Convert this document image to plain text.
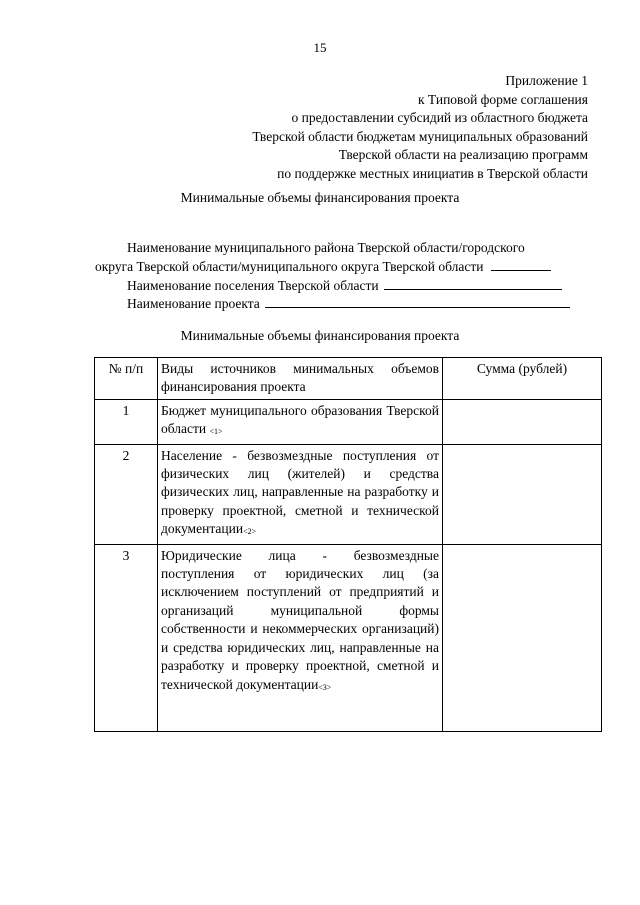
15
Приложение 1
к Типовой форме соглашения
о предоставлении субсидий из областного бюджета
Тверской области бюджетам муниципальных образований
Тверской области на реализацию программ
по поддержке местных инициатив в Тверской области
Минимальные объемы финансирования проекта
Наименование муниципального района Тверской области/городского
округа Тверской области/муниципального округа Тверской области
Наименование поселения Тверской области
Наименование проекта
Минимальные объемы финансирования проекта
№ п/п	Виды источников минимальных объемов финансирования проекта	Сумма (рублей)
1	Бюджет муниципального образования Тверской области <1>	
2	Население - безвозмездные поступления от физических лиц (жителей) и средства физических лиц, направленные на разработку и проверку проектной, сметной и технической документации<2>	
3	Юридические лица - безвозмездные поступления от юридических лиц (за исключением поступлений от предприятий и организаций муниципальной формы собственности и некоммерческих организаций) и средства юридических лиц, направленные на разработку и проверку проектной, сметной и технической документации<3>	
